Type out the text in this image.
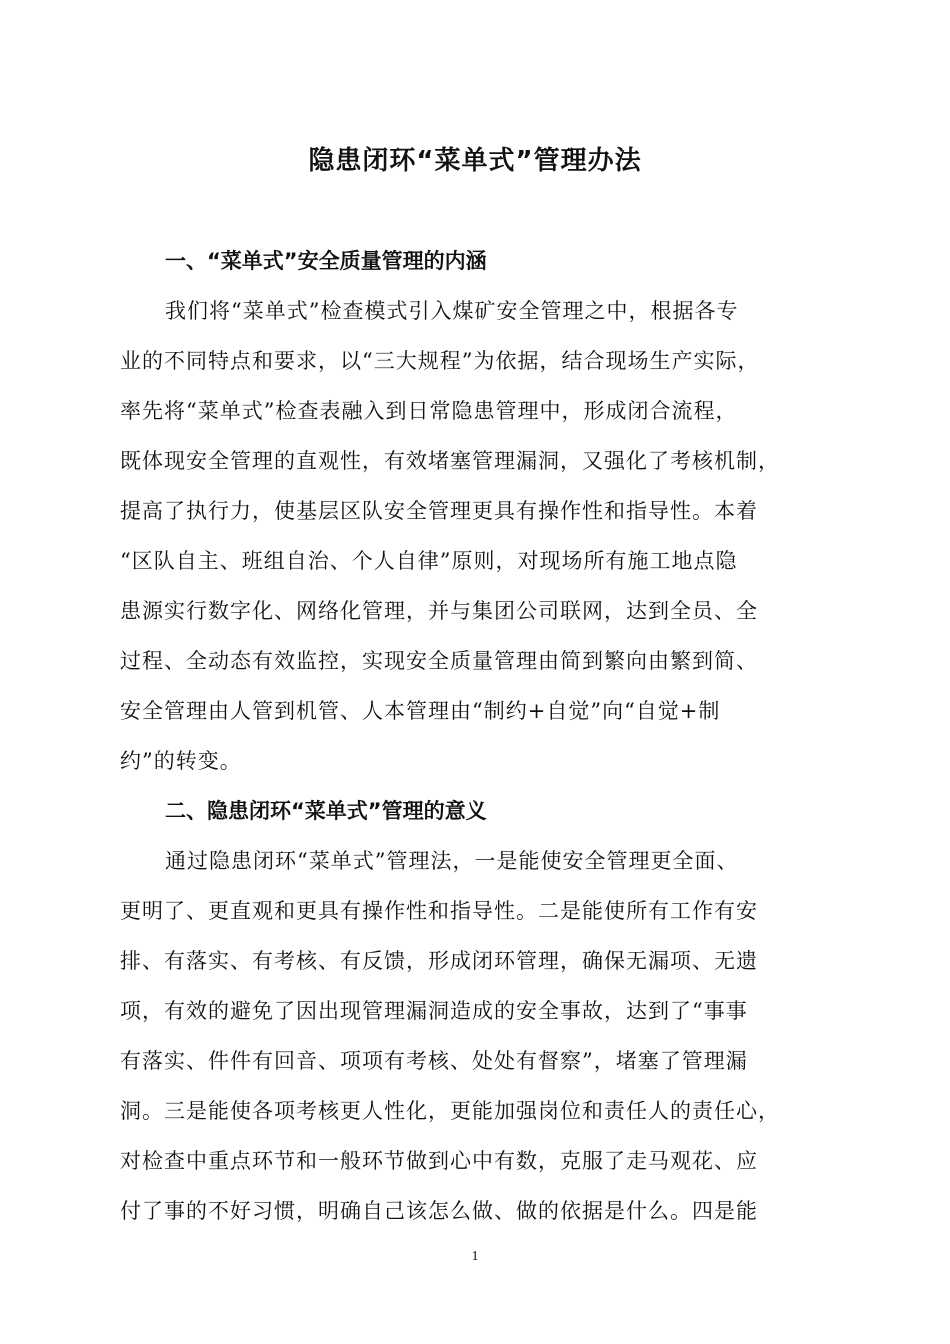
隐患闭环“菜单式”管理办法
一、“菜单式”安全质量管理的内涵

我们将“菜单式”检查模式引入煤矿安全管理之中，根据各专

业的不同特点和要求，以“三大规程”为依据，结合现场生产实际，

率先将“菜单式”检查表融入到日常隐患管理中，形成闭合流程，

既体现安全管理的直观性，有效堵塞管理漏洞，又强化了考核机制，

提高了执行力，使基层区队安全管理更具有操作性和指导性。本着

“区队自主、班组自治、个人自律”原则，对现场所有施工地点隐

患源实行数字化、网络化管理，并与集团公司联网，达到全员、全

过程、全动态有效监控，实现安全质量管理由简到繁向由繁到简、

安全管理由人管到机管、人本管理由“制约+自觉”向“自觉+制

约”的转变。

二、隐患闭环“菜单式”管理的意义

通过隐患闭环“菜单式”管理法，一是能使安全管理更全面、

更明了、更直观和更具有操作性和指导性。二是能使所有工作有安

排、有落实、有考核、有反馈，形成闭环管理，确保无漏项、无遗

项，有效的避免了因出现管理漏洞造成的安全事故，达到了“事事

有落实、件件有回音、项项有考核、处处有督察”，堵塞了管理漏

洞。三是能使各项考核更人性化，更能加强岗位和责任人的责任心，

对检查中重点环节和一般环节做到心中有数，克服了走马观花、应

付了事的不好习惯，明确自己该怎么做、做的依据是什么。四是能

1
